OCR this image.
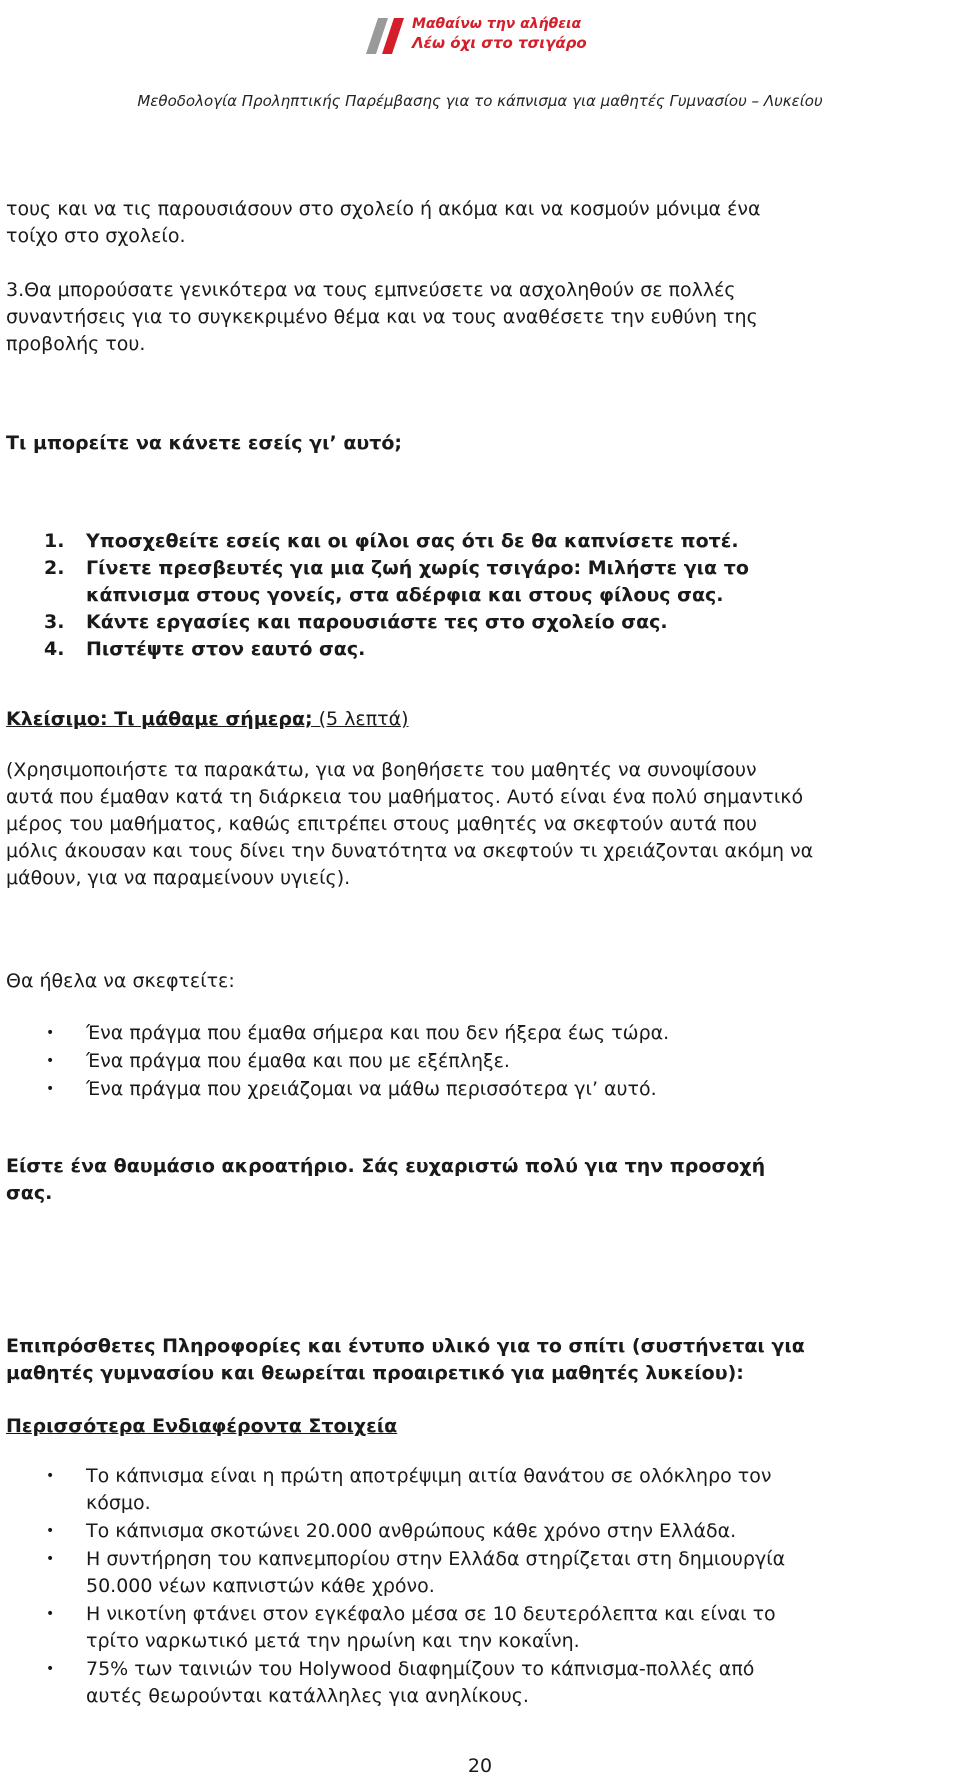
Μαθαίνω την αλήθεια
Λέω όχι στο τσιγάρο
Μεθοδολογία Προληπτικής Παρέμβασης για το κάπνισμα για μαθητές Γυμνασίου – Λυκείου
τους και να τις παρουσιάσουν στο σχολείο ή ακόμα και να κοσμούν μόνιμα ένα
τοίχο στο σχολείο.
3.Θα μπορούσατε γενικότερα να τους εμπνεύσετε να ασχοληθούν σε πολλές
συναντήσεις για το συγκεκριμένο θέμα και να τους αναθέσετε την ευθύνη της
προβολής του.
Τι μπορείτε να κάνετε εσείς γι’ αυτό;
1. Υποσχεθείτε εσείς και οι φίλοι σας ότι δε θα καπνίσετε ποτέ.
2. Γίνετε πρεσβευτές για μια ζωή χωρίς τσιγάρο: Μιλήστε για το
κάπνισμα στους γονείς, στα αδέρφια και στους φίλους σας.
3. Κάντε εργασίες και παρουσιάστε τες στο σχολείο σας.
4. Πιστέψτε στον εαυτό σας.
Κλείσιμο: Τι μάθαμε σήμερα; (5 λεπτά)
(Χρησιμοποιήστε τα παρακάτω, για να βοηθήσετε του μαθητές να συνοψίσουν
αυτά που έμαθαν κατά τη διάρκεια του μαθήματος. Αυτό είναι ένα πολύ σημαντικό
μέρος του μαθήματος, καθώς επιτρέπει στους μαθητές να σκεφτούν αυτά που
μόλις άκουσαν και τους δίνει την δυνατότητα να σκεφτούν τι χρειάζονται ακόμη να
μάθουν, για να παραμείνουν υγιείς).
Θα ήθελα να σκεφτείτε:
• Ένα πράγμα που έμαθα σήμερα και που δεν ήξερα έως τώρα.
• Ένα πράγμα που έμαθα και που με εξέπληξε.
• Ένα πράγμα που χρειάζομαι να μάθω περισσότερα γι’ αυτό.
Είστε ένα θαυμάσιο ακροατήριο. Σάς ευχαριστώ πολύ για την προσοχή
σας.
Επιπρόσθετες Πληροφορίες και έντυπο υλικό για το σπίτι (συστήνεται για
μαθητές γυμνασίου και θεωρείται προαιρετικό για μαθητές λυκείου):
Περισσότερα Ενδιαφέροντα Στοιχεία
• Το κάπνισμα είναι η πρώτη αποτρέψιμη αιτία θανάτου σε ολόκληρο τον
κόσμο.
• Το κάπνισμα σκοτώνει 20.000 ανθρώπους κάθε χρόνο στην Ελλάδα.
• Η συντήρηση του καπνεμπορίου στην Ελλάδα στηρίζεται στη δημιουργία
50.000 νέων καπνιστών κάθε χρόνο.
• Η νικοτίνη φτάνει στον εγκέφαλο μέσα σε 10 δευτερόλεπτα και είναι το
τρίτο ναρκωτικό μετά την ηρωίνη και την κοκαΐνη.
• 75% των ταινιών του Holywood διαφημίζουν το κάπνισμα-πολλές από
αυτές θεωρούνται κατάλληλες για ανηλίκους.
20
